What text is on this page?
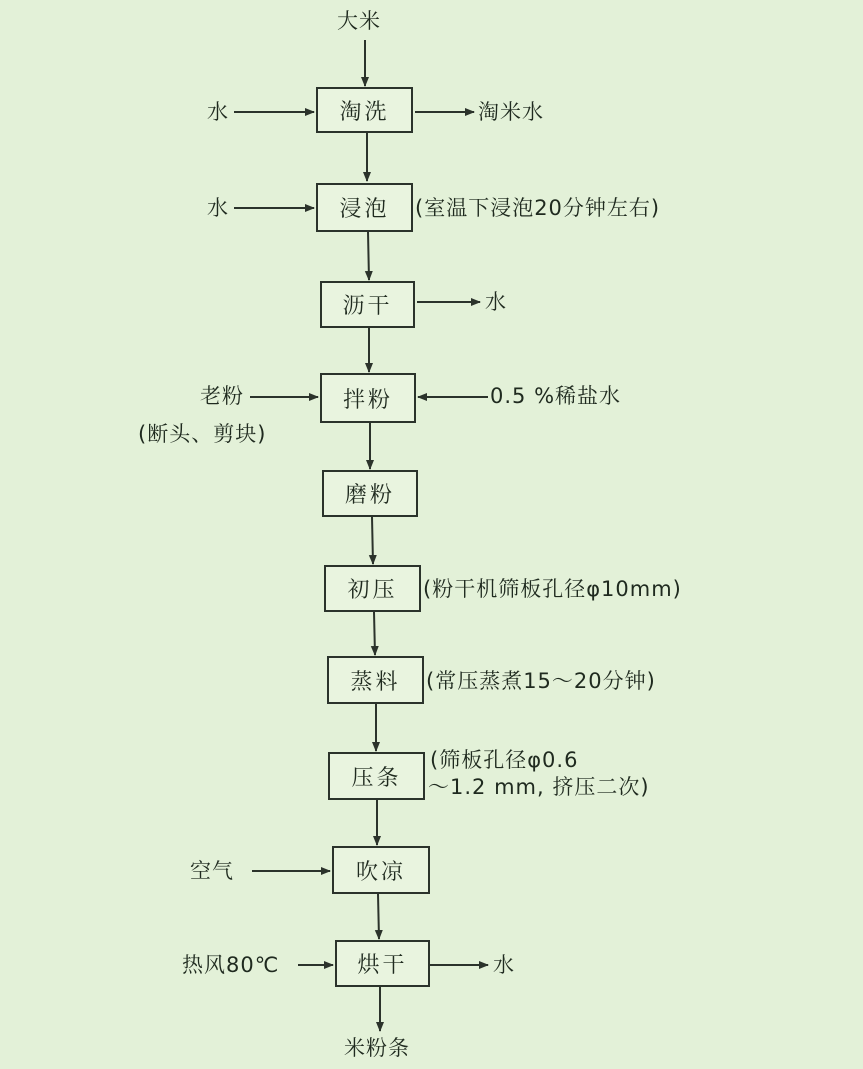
大米
米粉条
淘洗
浸泡
沥干
拌粉
磨粉
初压
蒸料
压条
吹凉
烘干
水
水
老粉
(断头、剪块)
0.5 %稀盐水
空气
热风80℃
淘米水
水
水
(室温下浸泡20分钟左右)
(粉干机筛板孔径φ10mm)
(常压蒸煮15～20分钟)
(筛板孔径φ0.6
～1.2 mm, 挤压二次)
